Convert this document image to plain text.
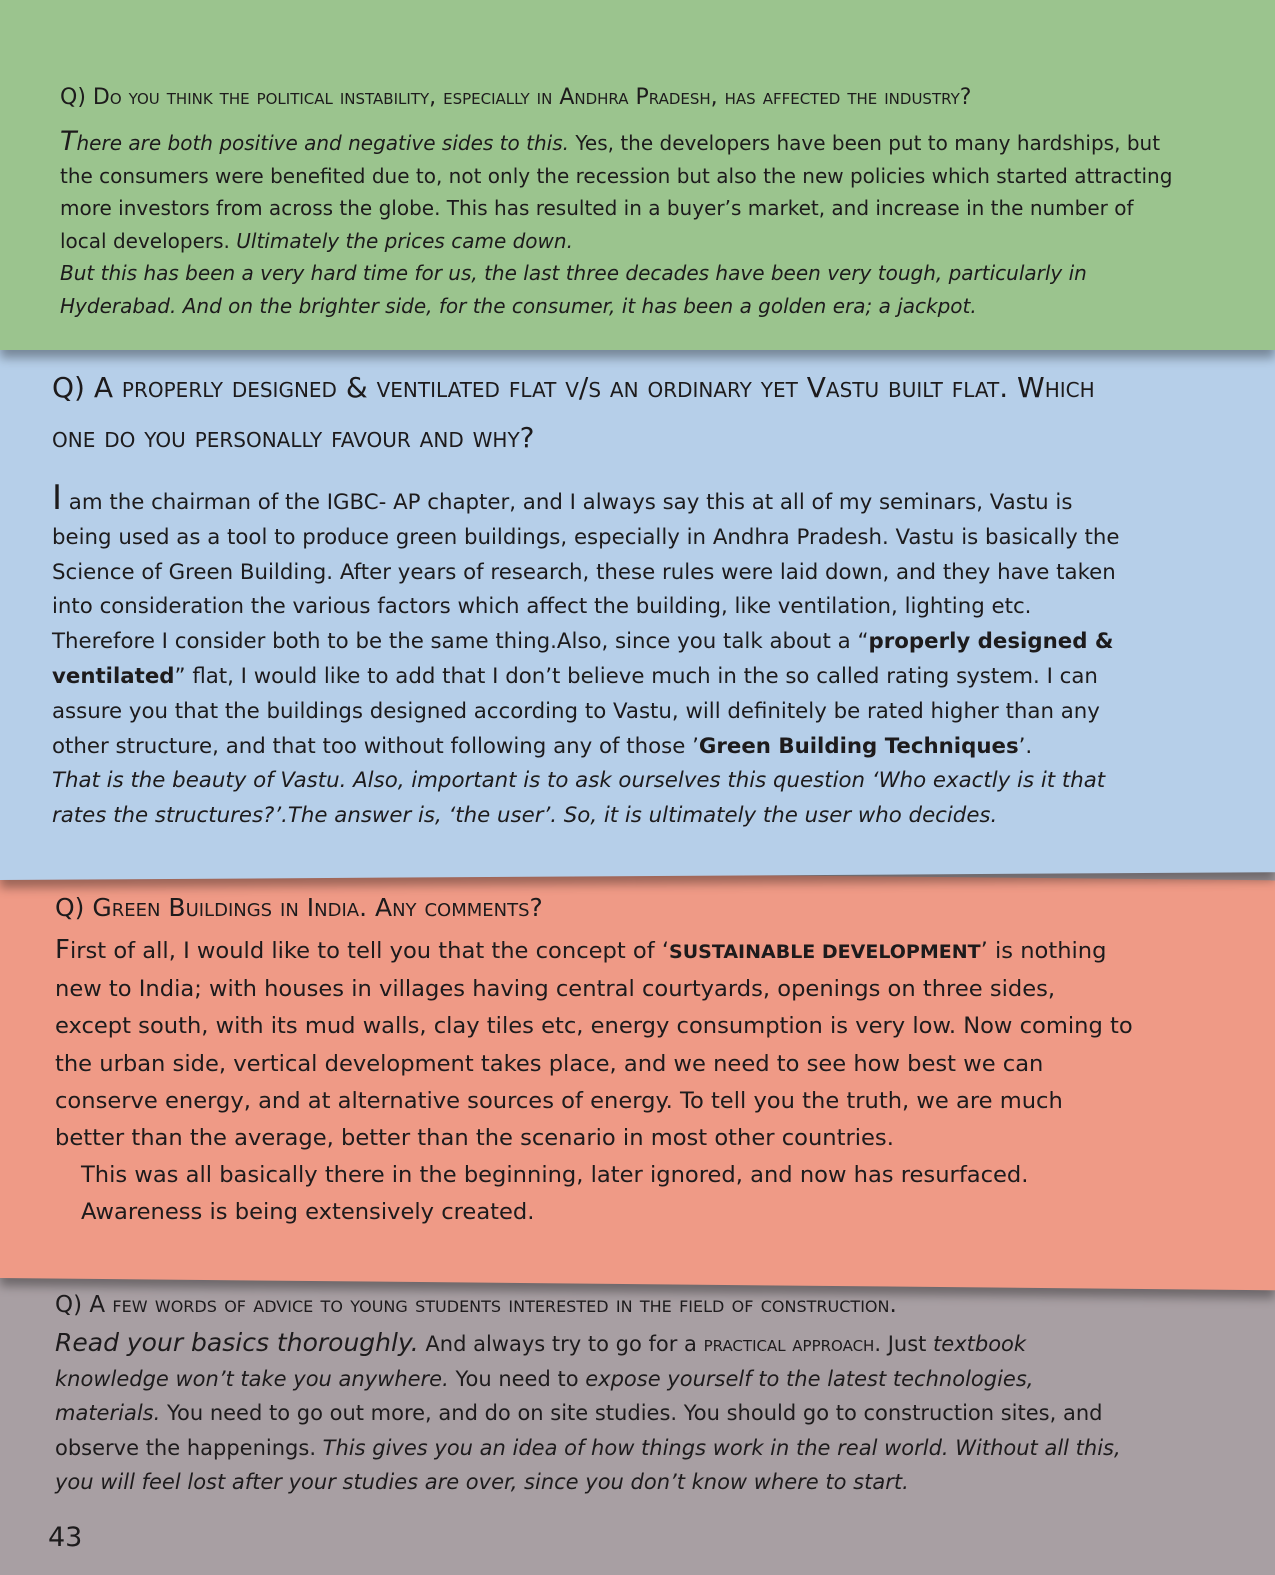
Q) Do you think the political instability, especially in Andhra Pradesh, has affected the industry?

There are both positive and negative sides to this. Yes, the developers have been put to many hardships, but the consumers were benefited due to, not only the recession but also the new policies which started attracting more investors from across the globe. This has resulted in a buyer’s market, and increase in the number of local developers. Ultimately the prices came down.

But this has been a very hard time for us, the last three decades have been very tough, particularly in Hyderabad. And on the brighter side, for the consumer, it has been a golden era; a jackpot.

Q) A properly designed & ventilated flat v/s an ordinary yet Vastu built flat. Which one do you personally favour and why?

I am the chairman of the IGBC- AP chapter, and I always say this at all of my seminars, Vastu is being used as a tool to produce green buildings, especially in Andhra Pradesh. Vastu is basically the Science of Green Building. After years of research, these rules were laid down, and they have taken into consideration the various factors which affect the building, like ventilation, lighting etc. Therefore I consider both to be the same thing.Also, since you talk about a “properly designed & ventilated” flat, I would like to add that I don’t believe much in the so called rating system. I can assure you that the buildings designed according to Vastu, will definitely be rated higher than any other structure, and that too without following any of those ’Green Building Techniques’.

That is the beauty of Vastu. Also, important is to ask ourselves this question ‘Who exactly is it that rates the structures?’.The answer is, ‘the user’. So, it is ultimately the user who decides.

Q) Green Buildings in India. Any comments?

First of all, I would like to tell you that the concept of ‘SUSTAINABLE DEVELOPMENT’ is nothing new to India; with houses in villages having central courtyards, openings on three sides, except south, with its mud walls, clay tiles etc, energy consumption is very low. Now coming to the urban side, vertical development takes place, and we need to see how best we can conserve energy, and at alternative sources of energy. To tell you the truth, we are much better than the average, better than the scenario in most other countries.

This was all basically there in the beginning, later ignored, and now has resurfaced. Awareness is being extensively created.

Q) A few words of advice to young students interested in the field of construction.

Read your basics thoroughly. And always try to go for a practical approach. Just textbook knowledge won’t take you anywhere. You need to expose yourself to the latest technologies, materials. You need to go out more, and do on site studies. You should go to construction sites, and observe the happenings. This gives you an idea of how things work in the real world. Without all this, you will feel lost after your studies are over, since you don’t know where to start.

43
